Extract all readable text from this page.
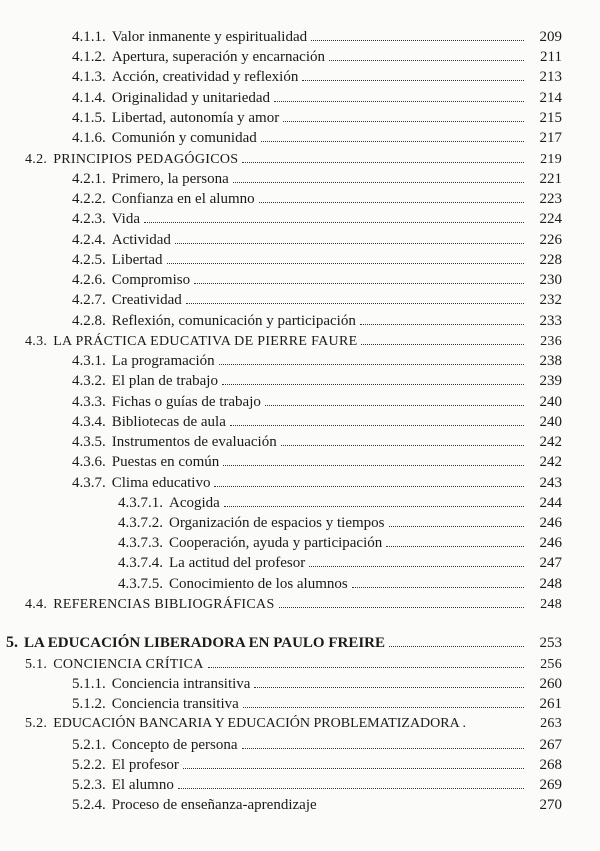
4.1.1. Valor inmanente y espiritualidad	209
4.1.2. Apertura, superación y encarnación	211
4.1.3. Acción, creatividad y reflexión	213
4.1.4. Originalidad y unitariedad	214
4.1.5. Libertad, autonomía y amor	215
4.1.6. Comunión y comunidad	217
4.2. PRINCIPIOS PEDAGÓGICOS	219
4.2.1. Primero, la persona	221
4.2.2. Confianza en el alumno	223
4.2.3. Vida	224
4.2.4. Actividad	226
4.2.5. Libertad	228
4.2.6. Compromiso	230
4.2.7. Creatividad	232
4.2.8. Reflexión, comunicación y participación	233
4.3. LA PRÁCTICA EDUCATIVA DE PIERRE FAURE	236
4.3.1. La programación	238
4.3.2. El plan de trabajo	239
4.3.3. Fichas o guías de trabajo	240
4.3.4. Bibliotecas de aula	240
4.3.5. Instrumentos de evaluación	242
4.3.6. Puestas en común	242
4.3.7. Clima educativo	243
4.3.7.1. Acogida	244
4.3.7.2. Organización de espacios y tiempos	246
4.3.7.3. Cooperación, ayuda y participación	246
4.3.7.4. La actitud del profesor	247
4.3.7.5. Conocimiento de los alumnos	248
4.4. REFERENCIAS BIBLIOGRÁFICAS	248
5. LA EDUCACIÓN LIBERADORA EN PAULO FREIRE	253
5.1. CONCIENCIA CRÍTICA	256
5.1.1. Conciencia intransitiva	260
5.1.2. Conciencia transitiva	261
5.2. EDUCACIÓN BANCARIA Y EDUCACIÓN PROBLEMATIZADORA .	263
5.2.1. Concepto de persona	267
5.2.2. El profesor	268
5.2.3. El alumno	269
5.2.4. Proceso de enseñanza-aprendizaje	270
